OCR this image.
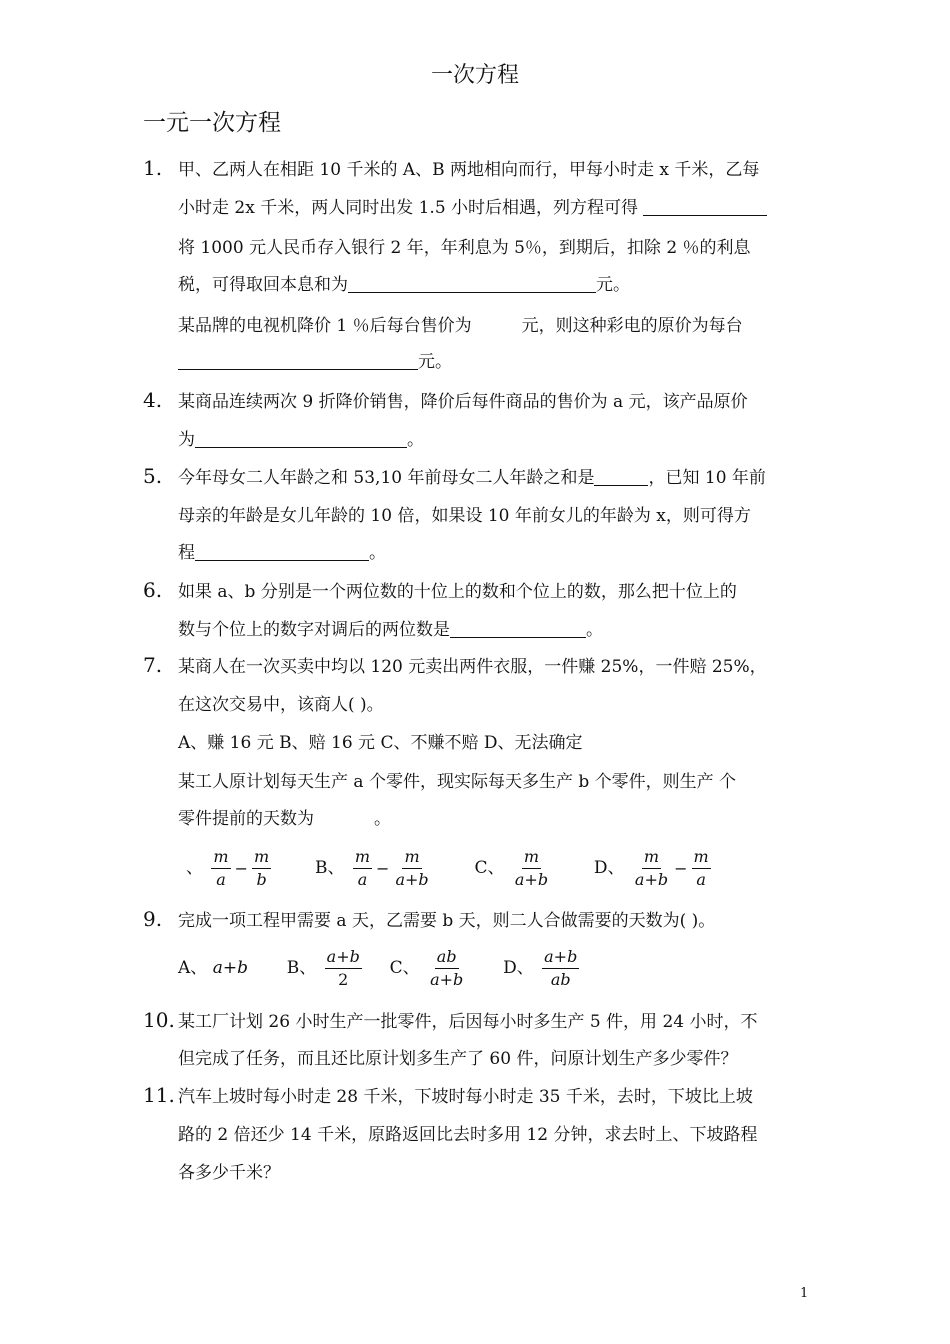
一次方程
一元一次方程
1. 甲、乙两人在相距 10 千米的 A、B 两地相向而行，甲每小时走 x 千米，乙每
小时走 2x 千米，两人同时出发 1.5 小时后相遇，列方程可得
将 1000 元人民币存入银行 2 年，年利息为 5％，到期后，扣除 2 ％的利息
税，可得取回本息和为	元。
某品牌的电视机降价 1 ％后每台售价为	元，则这种彩电的原价为每台
元。
4. 某商品连续两次 9 折降价销售，降价后每件商品的售价为 a 元，该产品原价
为	。
5. 今年母女二人年龄之和 53,10 年前母女二人年龄之和是	，已知 10 年前
母亲的年龄是女儿年龄的 10 倍，如果设 10 年前女儿的年龄为 x，则可得方
程	。
6. 如果 a、b 分别是一个两位数的十位上的数和个位上的数，那么把十位上的
数与个位上的数字对调后的两位数是	。
7. 某商人在一次买卖中均以 120 元卖出两件衣服，一件赚 25%，一件赔 25%，
在这次交易中，该商人( )。
A、赚 16 元 B、赔 16 元 C、不赚不赔 D、无法确定
某工人原计划每天生产 a 个零件，现实际每天多生产 b 个零件，则生产 个
零件提前的天数为	。
、 $\frac{m}{a} - \frac{m}{b}$	B、 $\frac{m}{a} - \frac{m}{a+b}$	C、 $\frac{m}{a+b}$	D、 $\frac{m}{a+b} - \frac{m}{a}$
9. 完成一项工程甲需要 a 天，乙需要 b 天，则二人合做需要的天数为( )。
A、 a+b B、 $\frac{a+b}{2}$ C、 $\frac{ab}{a+b}$ D、 $\frac{a+b}{ab}$
10. 某工厂计划 26 小时生产一批零件，后因每小时多生产 5 件，用 24 小时，不
但完成了任务，而且还比原计划多生产了 60 件，问原计划生产多少零件？
11. 汽车上坡时每小时走 28 千米，下坡时每小时走 35 千米，去时，下坡比上坡
路的 2 倍还少 14 千米，原路返回比去时多用 12 分钟，求去时上、下坡路程
各多少千米？
1
